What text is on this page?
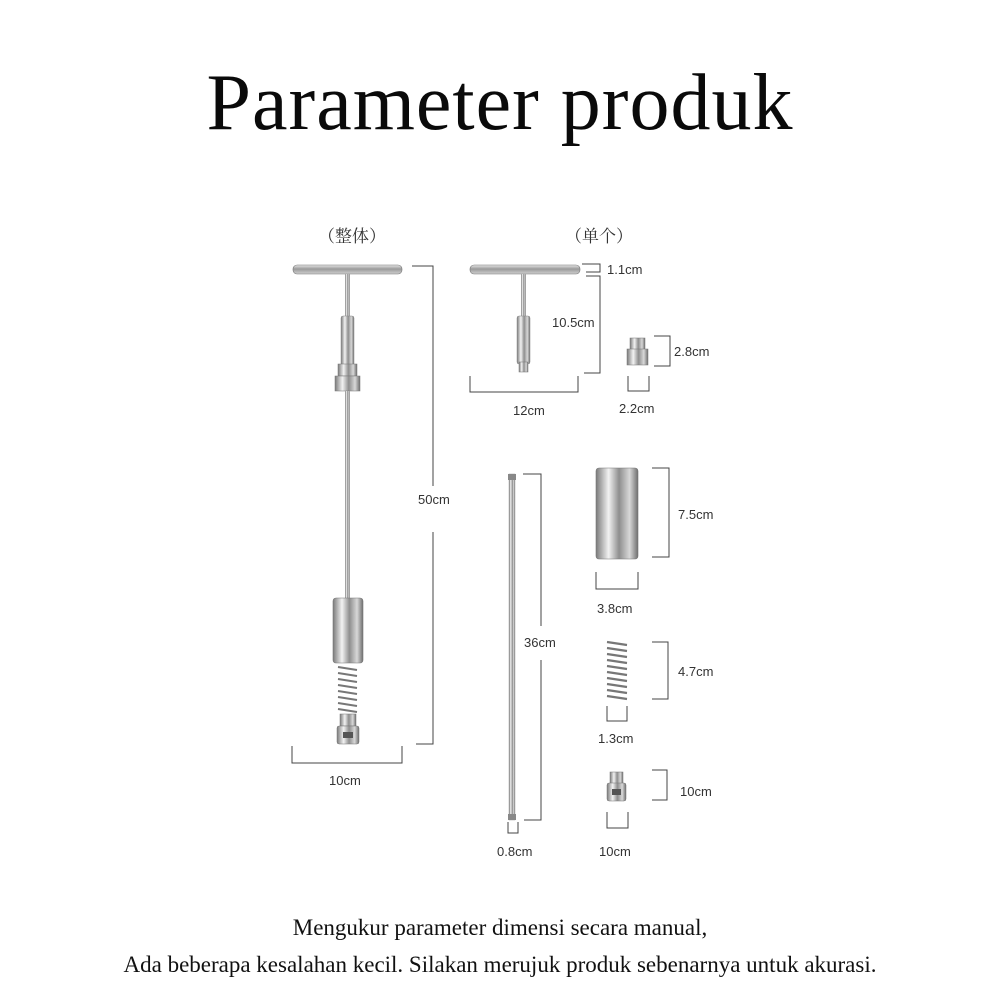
Parameter produk
（整体）	（单个）
50cm
10cm
1.1cm
10.5cm
12cm
2.8cm
2.2cm
36cm
0.8cm
7.5cm
3.8cm
4.7cm
1.3cm
10cm
10cm
Mengukur parameter dimensi secara manual,
Ada beberapa kesalahan kecil. Silakan merujuk produk sebenarnya untuk akurasi.
